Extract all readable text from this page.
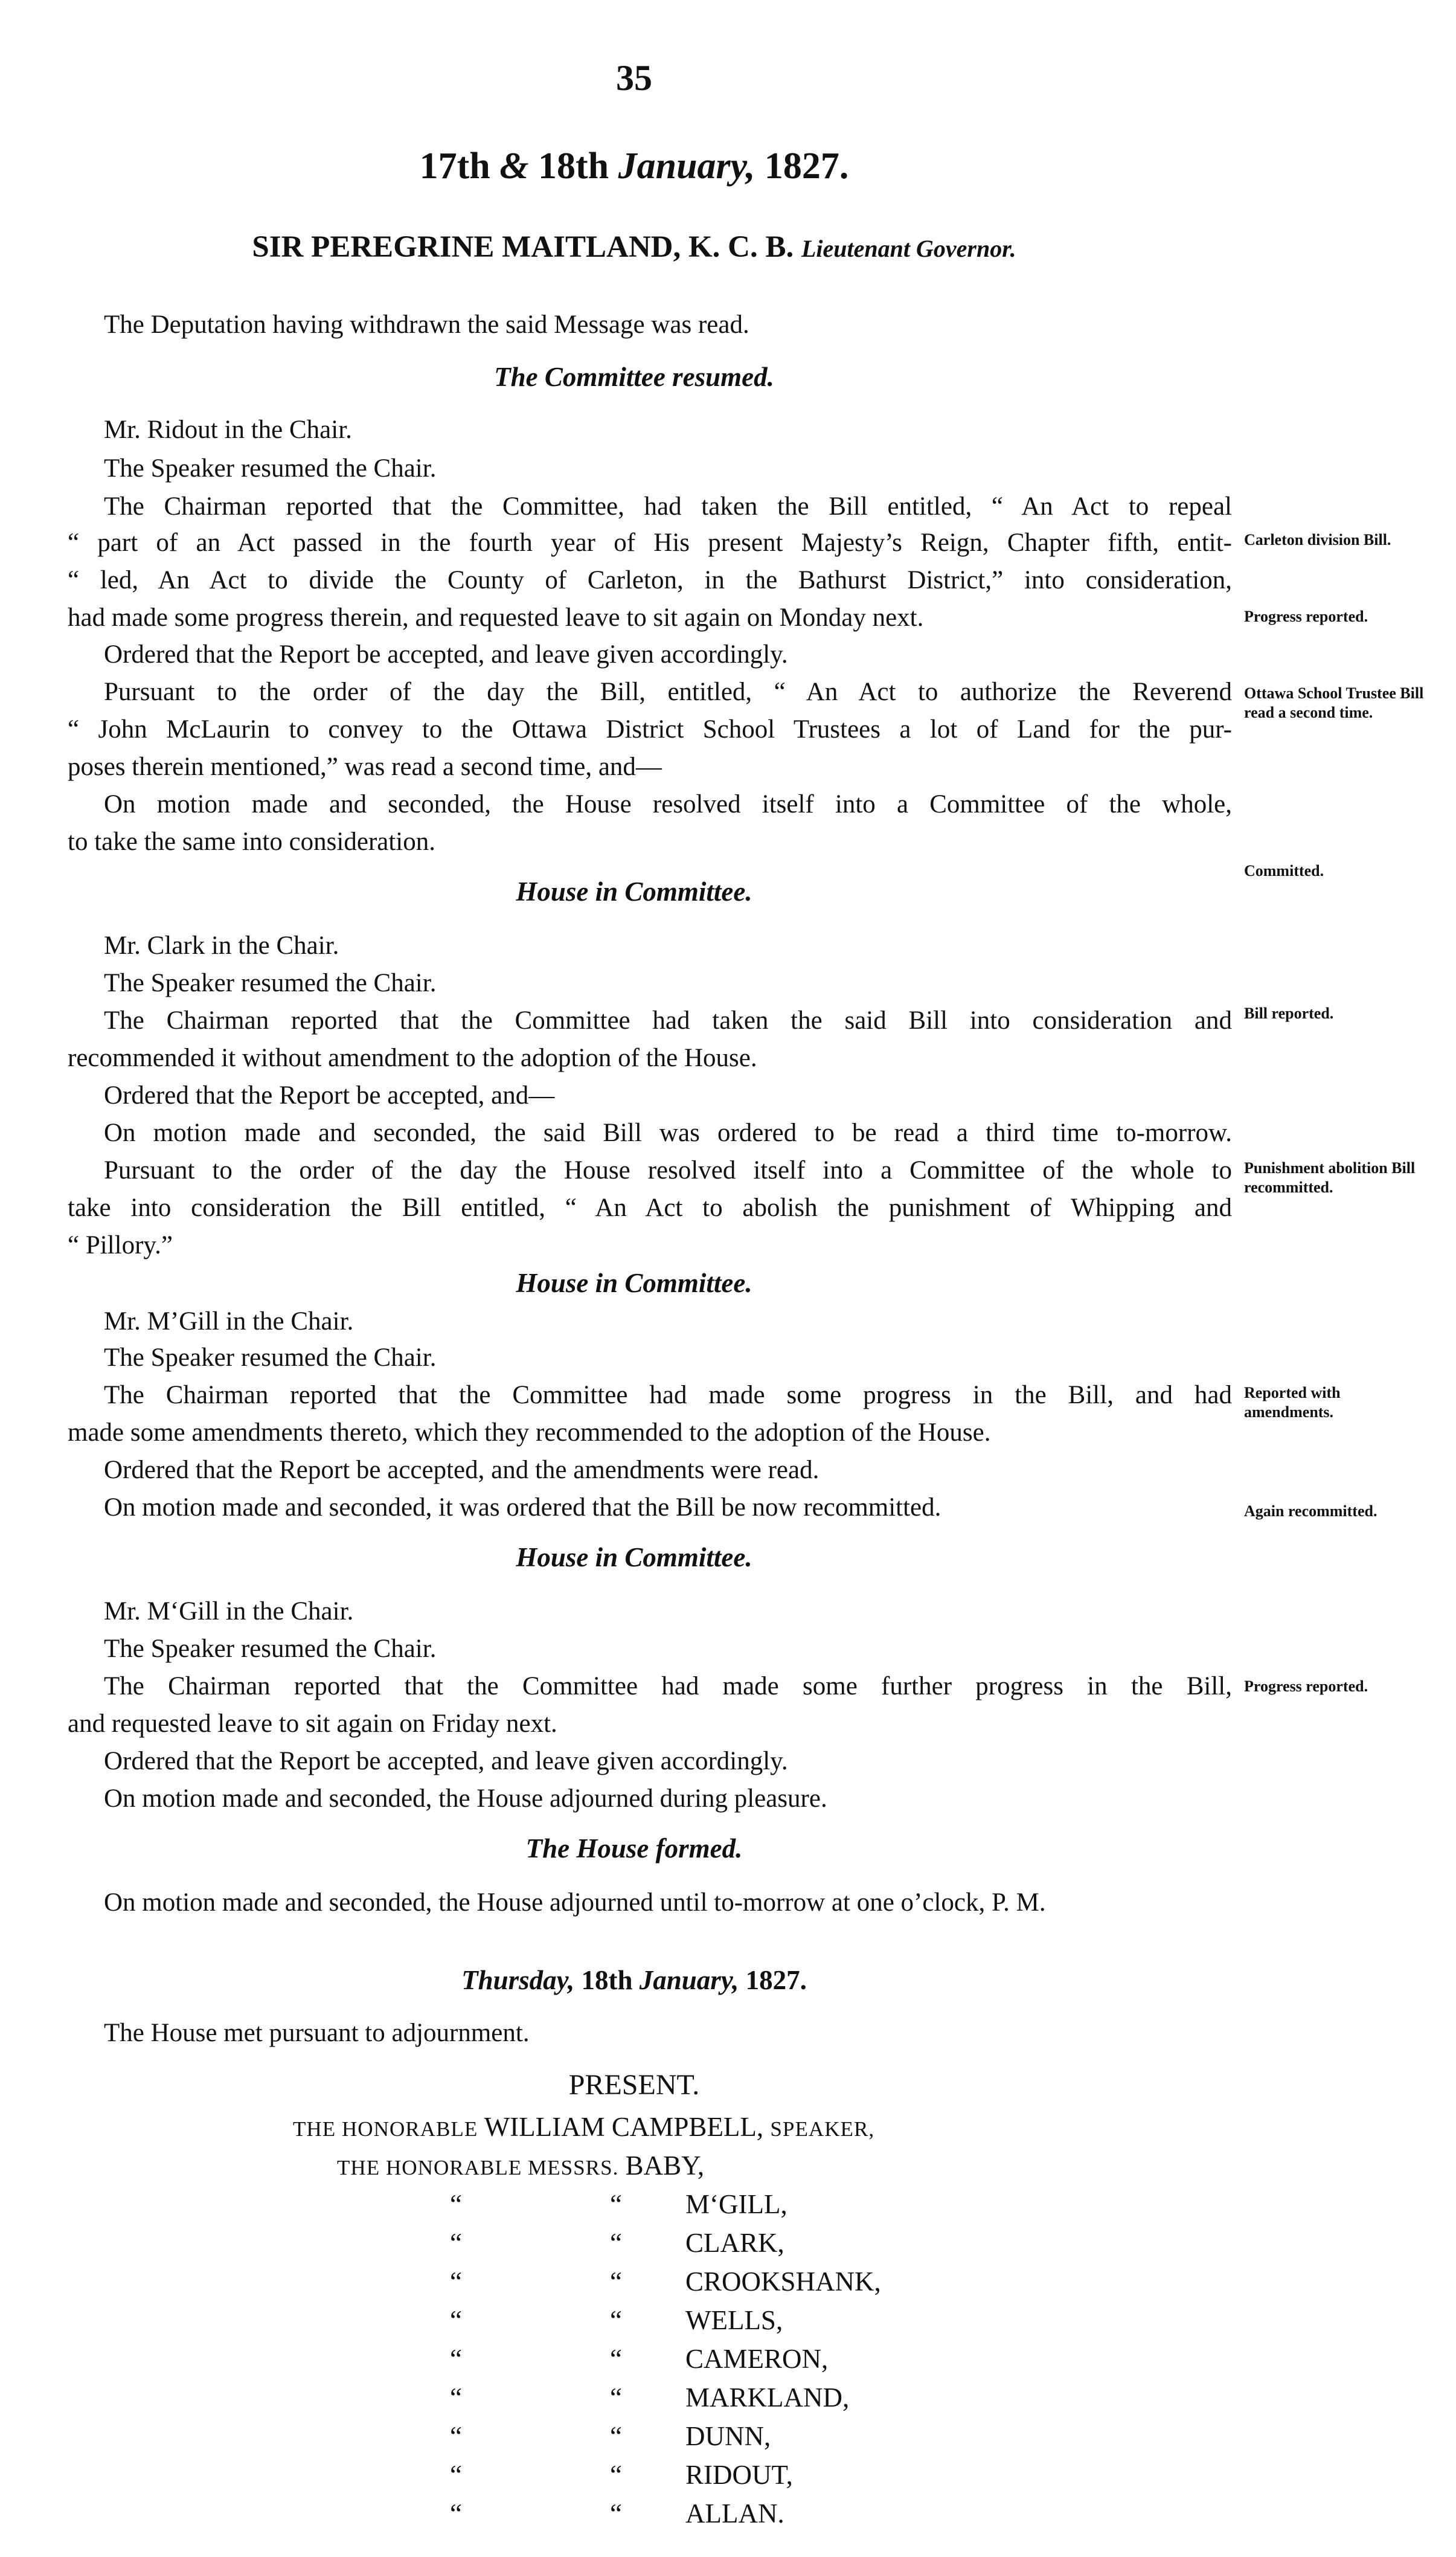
35
17th & 18th January, 1827.
SIR PEREGRINE MAITLAND, K. C. B. Lieutenant Governor.
The Deputation having withdrawn the said Message was read.
The Committee resumed.
Mr. Ridout in the Chair.
The Speaker resumed the Chair.
The Chairman reported that the Committee, had taken the Bill entitled, “ An Act to repeal
“ part of an Act passed in the fourth year of His present Majesty’s Reign, Chapter fifth, entit-
“ led, An Act to divide the County of Carleton, in the Bathurst District,” into consideration,
had made some progress therein, and requested leave to sit again on Monday next.
Ordered that the Report be accepted, and leave given accordingly.
Pursuant to the order of the day the Bill, entitled, “ An Act to authorize the Reverend
“ John McLaurin to convey to the Ottawa District School Trustees a lot of Land for the pur-
poses therein mentioned,” was read a second time, and—
On motion made and seconded, the House resolved itself into a Committee of the whole,
to take the same into consideration.
House in Committee.
Mr. Clark in the Chair.
The Speaker resumed the Chair.
The Chairman reported that the Committee had taken the said Bill into consideration and
recommended it without amendment to the adoption of the House.
Ordered that the Report be accepted, and—
On motion made and seconded, the said Bill was ordered to be read a third time to-morrow.
Pursuant to the order of the day the House resolved itself into a Committee of the whole to
take into consideration the Bill entitled, “ An Act to abolish the punishment of Whipping and
“ Pillory.”
House in Committee.
Mr. M’Gill in the Chair.
The Speaker resumed the Chair.
The Chairman reported that the Committee had made some progress in the Bill, and had
made some amendments thereto, which they recommended to the adoption of the House.
Ordered that the Report be accepted, and the amendments were read.
On motion made and seconded, it was ordered that the Bill be now recommitted.
House in Committee.
Mr. M‘Gill in the Chair.
The Speaker resumed the Chair.
The Chairman reported that the Committee had made some further progress in the Bill,
and requested leave to sit again on Friday next.
Ordered that the Report be accepted, and leave given accordingly.
On motion made and seconded, the House adjourned during pleasure.
The House formed.
On motion made and seconded, the House adjourned until to-morrow at one o’clock, P. M.
Thursday, 18th January, 1827.
The House met pursuant to adjournment.
PRESENT.
THE HONORABLE WILLIAM CAMPBELL, SPEAKER,
THE HONORABLE MESSRS. BABY,
“	“ M‘GILL,
“	“ CLARK,
“	“ CROOKSHANK,
“	“ WELLS,
“	“ CAMERON,
“	“ MARKLAND,
“	“ DUNN,
“	“ RIDOUT,
“	“ ALLAN.
Carleton division Bill.
Progress reported.
Ottawa School Trustee Bill read a second time.
Committed.
Bill reported.
Punishment abolition Bill recommitted.
Reported with amendments.
Again recommitted.
Progress reported.
